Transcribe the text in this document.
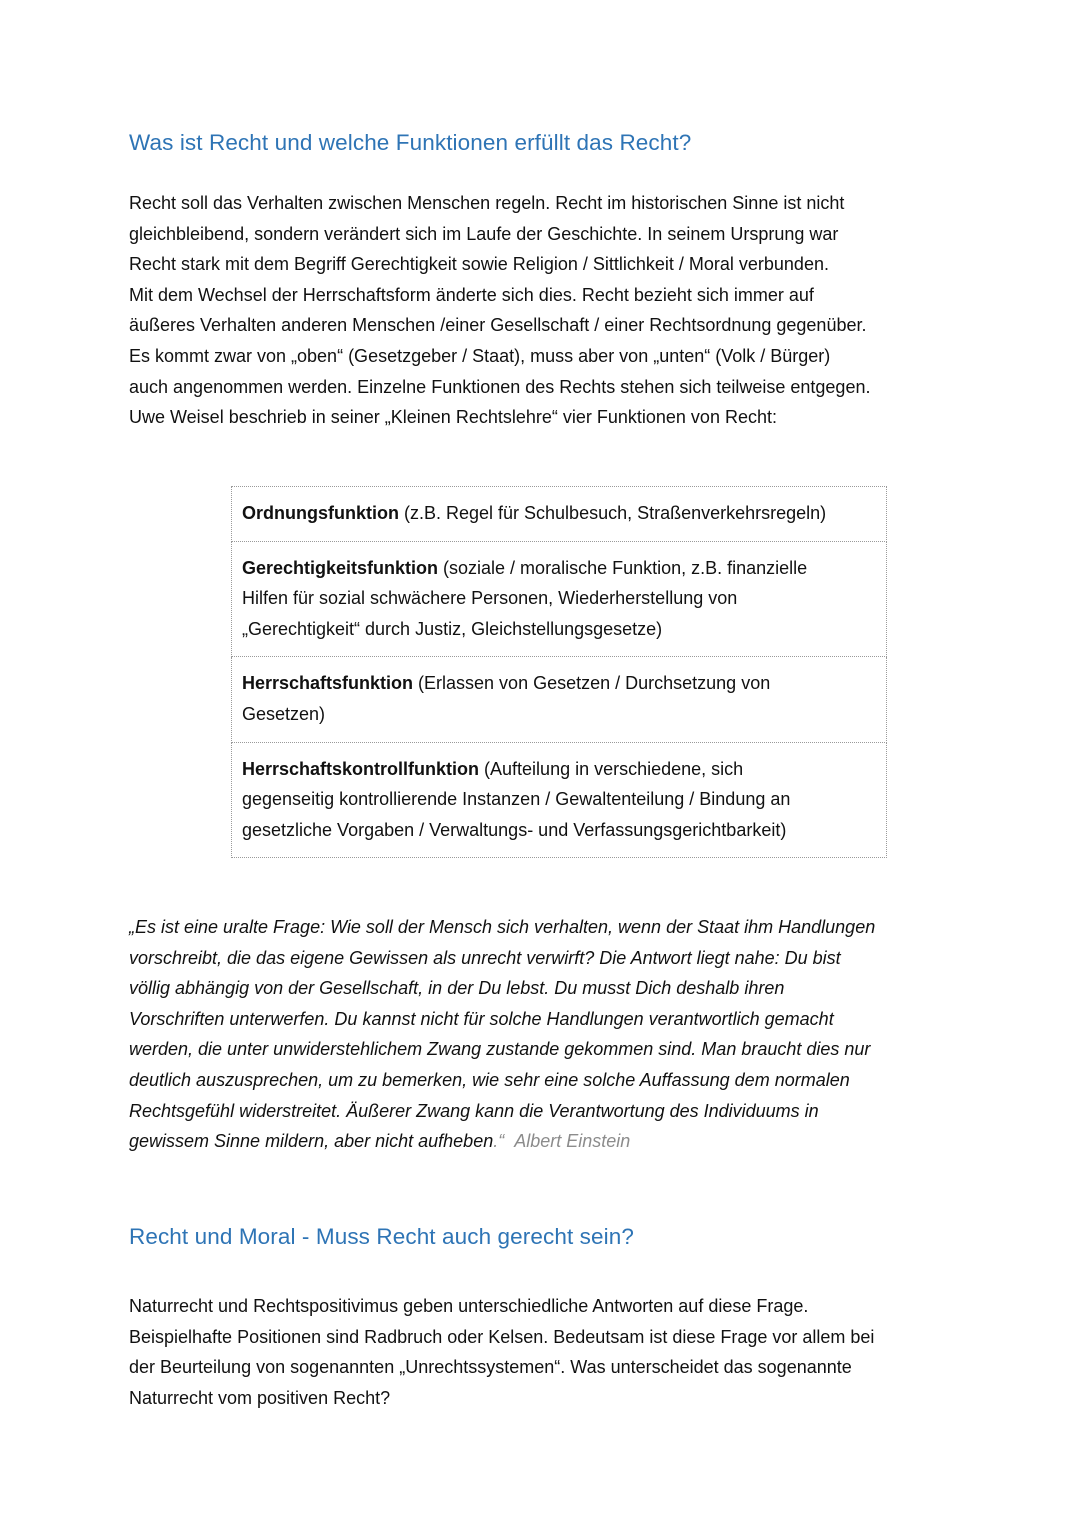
Was ist Recht und welche Funktionen erfüllt das Recht?

Recht soll das Verhalten zwischen Menschen regeln. Recht im historischen Sinne ist nicht
gleichbleibend, sondern verändert sich im Laufe der Geschichte. In seinem Ursprung war
Recht stark mit dem Begriff Gerechtigkeit sowie Religion / Sittlichkeit / Moral verbunden.
Mit dem Wechsel der Herrschaftsform änderte sich dies. Recht bezieht sich immer auf
äußeres Verhalten anderen Menschen /einer Gesellschaft / einer Rechtsordnung gegenüber.
Es kommt zwar von „oben“ (Gesetzgeber / Staat), muss aber von „unten“ (Volk / Bürger)
auch angenommen werden. Einzelne Funktionen des Rechts stehen sich teilweise entgegen.
Uwe Weisel beschrieb in seiner „Kleinen Rechtslehre“ vier Funktionen von Recht:

Ordnungsfunktion (z.B. Regel für Schulbesuch, Straßenverkehrsregeln)

Gerechtigkeitsfunktion (soziale / moralische Funktion, z.B. finanzielle
Hilfen für sozial schwächere Personen, Wiederherstellung von
„Gerechtigkeit“ durch Justiz, Gleichstellungsgesetze)

Herrschaftsfunktion (Erlassen von Gesetzen / Durchsetzung von
Gesetzen)

Herrschaftskontrollfunktion (Aufteilung in verschiedene, sich
gegenseitig kontrollierende Instanzen / Gewaltenteilung / Bindung an
gesetzliche Vorgaben / Verwaltungs- und Verfassungsgerichtbarkeit)

„Es ist eine uralte Frage: Wie soll der Mensch sich verhalten, wenn der Staat ihm Handlungen
vorschreibt, die das eigene Gewissen als unrecht verwirft? Die Antwort liegt nahe: Du bist
völlig abhängig von der Gesellschaft, in der Du lebst. Du musst Dich deshalb ihren
Vorschriften unterwerfen. Du kannst nicht für solche Handlungen verantwortlich gemacht
werden, die unter unwiderstehlichem Zwang zustande gekommen sind. Man braucht dies nur
deutlich auszusprechen, um zu bemerken, wie sehr eine solche Auffassung dem normalen
Rechtsgefühl widerstreitet. Äußerer Zwang kann die Verantwortung des Individuums in
gewissem Sinne mildern, aber nicht aufheben.“ Albert Einstein

Recht und Moral - Muss Recht auch gerecht sein?

Naturrecht und Rechtspositivimus geben unterschiedliche Antworten auf diese Frage.
Beispielhafte Positionen sind Radbruch oder Kelsen. Bedeutsam ist diese Frage vor allem bei
der Beurteilung von sogenannten „Unrechtssystemen“. Was unterscheidet das sogenannte
Naturrecht vom positiven Recht?
